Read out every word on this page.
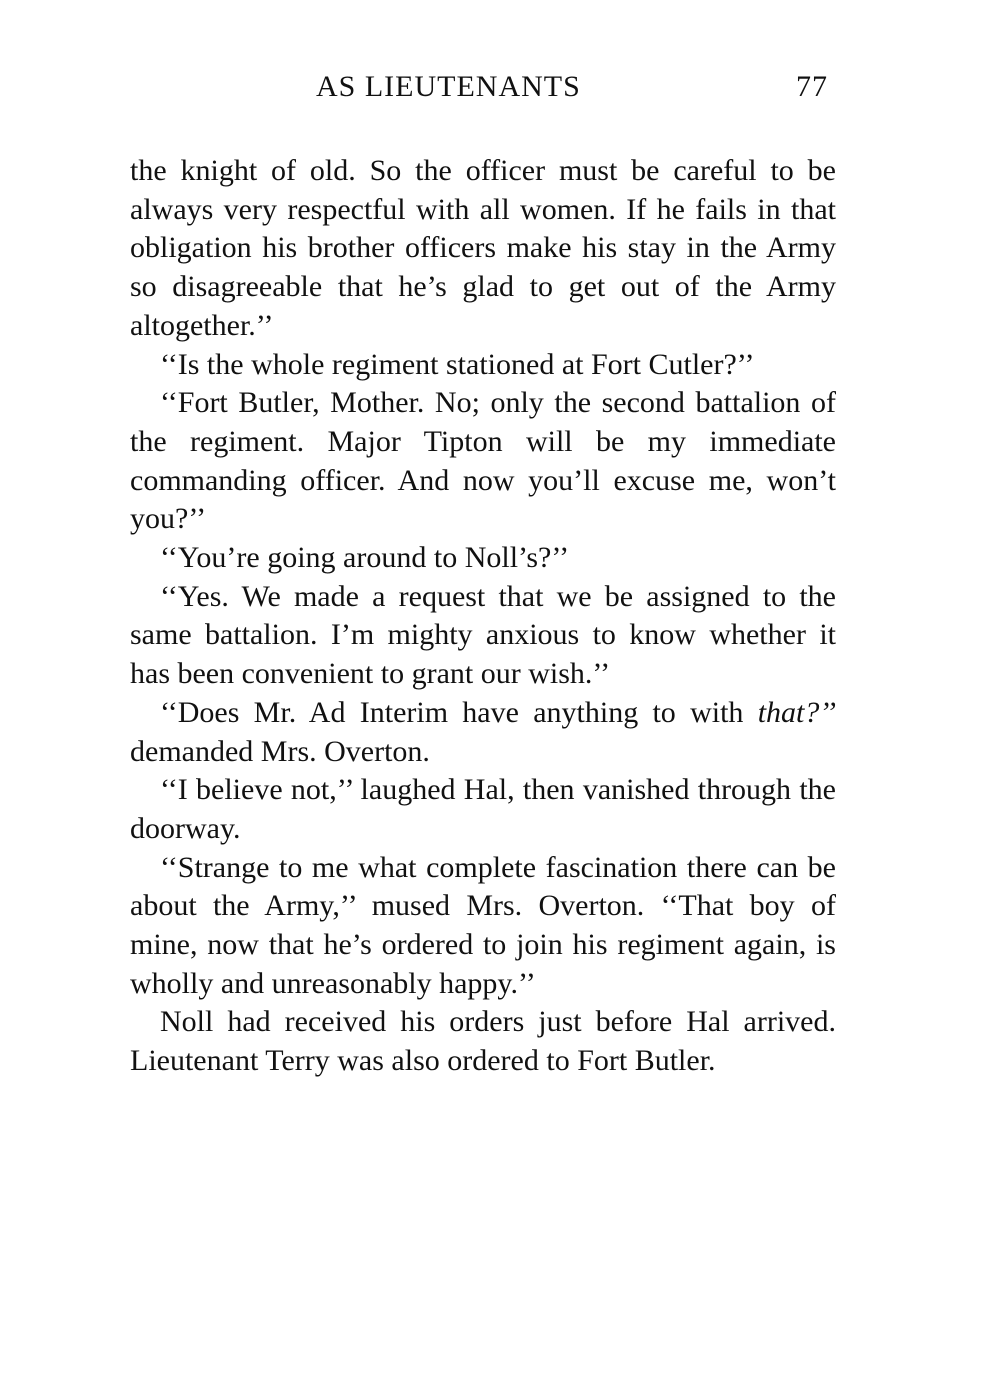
AS LIEUTENANTS	77

the knight of old. So the officer must be careful to be always very respectful with all women. If he fails in that obligation his brother officers make his stay in the Army so disagreeable that he’s glad to get out of the Army altogether.’’

‘‘Is the whole regiment stationed at Fort Cutler?’’

‘‘Fort Butler, Mother. No; only the second battalion of the regiment. Major Tipton will be my immediate commanding officer. And now you’ll excuse me, won’t you?’’

‘‘You’re going around to Noll’s?’’

‘‘Yes. We made a request that we be assigned to the same battalion. I’m mighty anxious to know whether it has been convenient to grant our wish.’’

‘‘Does Mr. Ad Interim have anything to with that?’’ demanded Mrs. Overton.

‘‘I believe not,’’ laughed Hal, then vanished through the doorway.

‘‘Strange to me what complete fascination there can be about the Army,’’ mused Mrs. Overton. ‘‘That boy of mine, now that he’s ordered to join his regiment again, is wholly and unreasonably happy.’’

Noll had received his orders just before Hal arrived. Lieutenant Terry was also ordered to Fort Butler.
